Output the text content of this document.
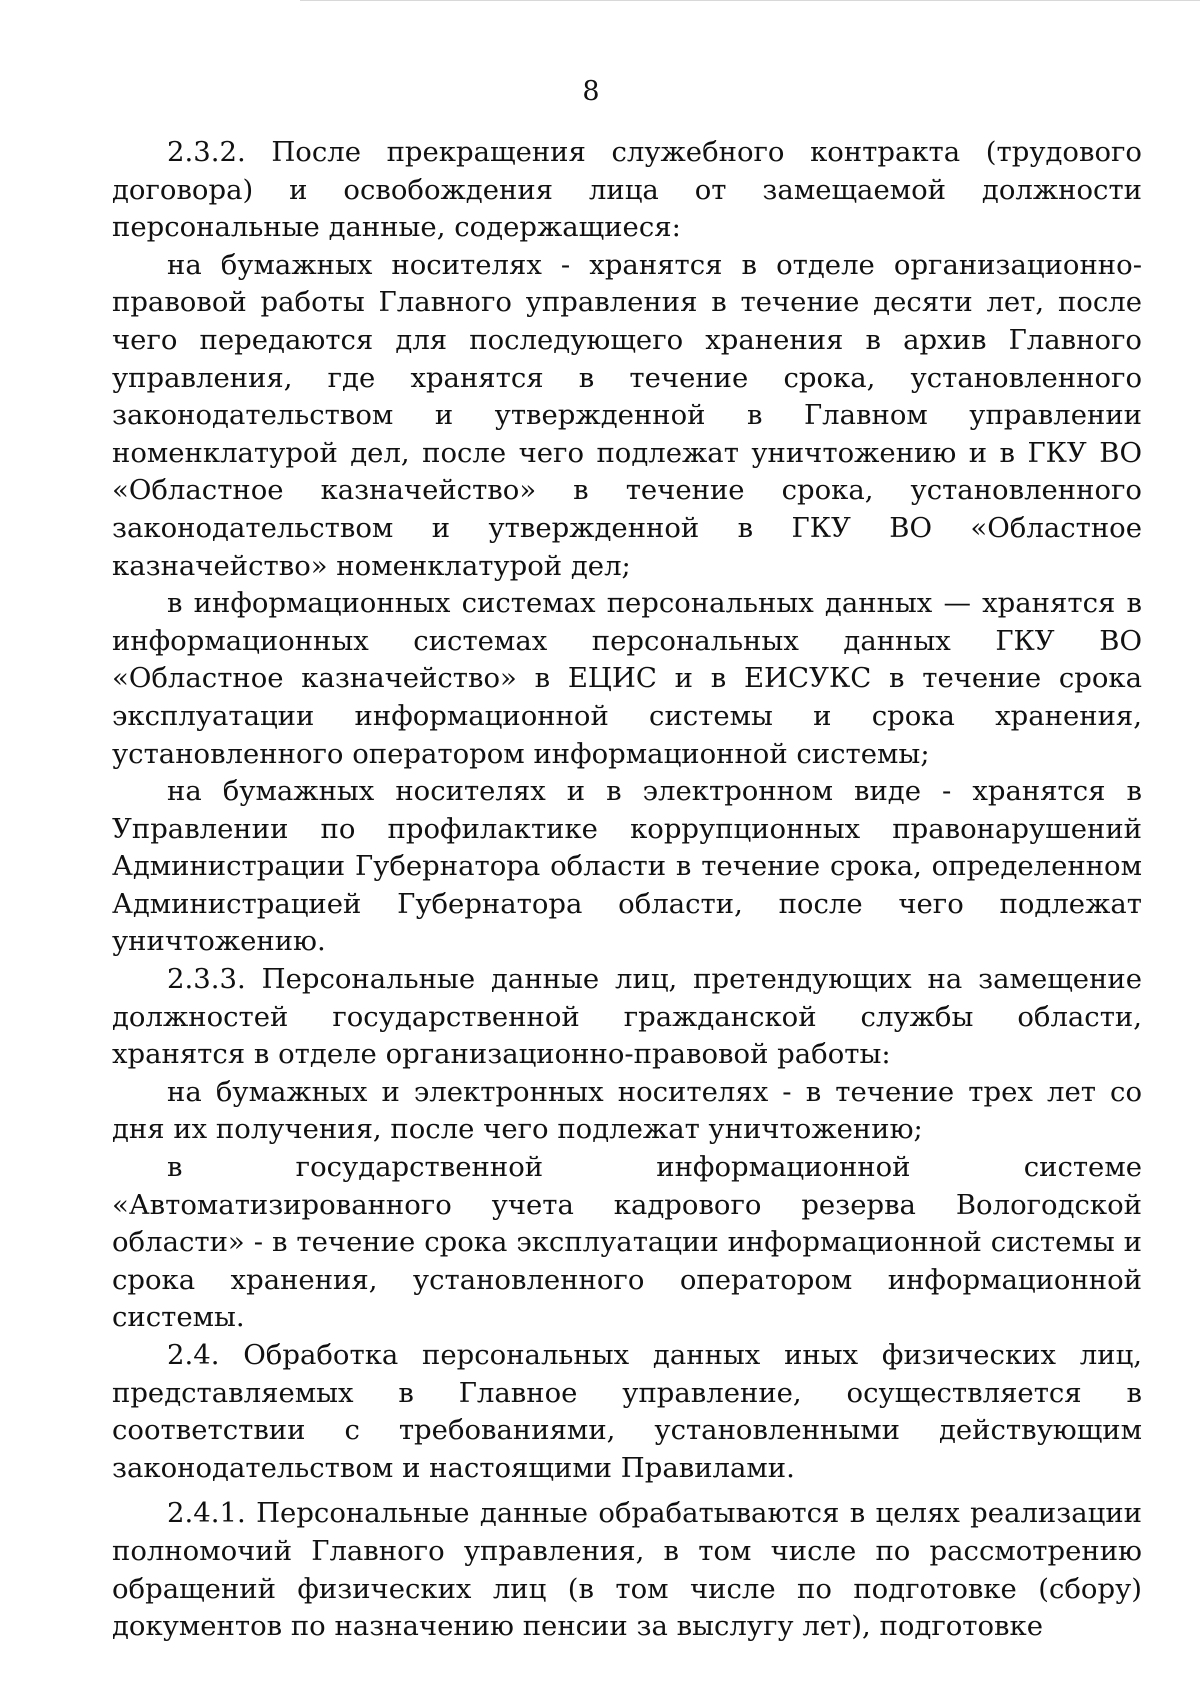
8

2.3.2. После прекращения служебного контракта (трудового договора) и освобождения лица от замещаемой должности персональные данные, содержащиеся:

на бумажных носителях - хранятся в отделе организационно-правовой работы Главного управления в течение десяти лет, после чего передаются для последующего хранения в архив Главного управления, где хранятся в течение срока, установленного законодательством и утвержденной в Главном управлении номенклатурой дел, после чего подлежат уничтожению и в ГКУ ВО «Областное казначейство» в течение срока, установленного законодательством и утвержденной в ГКУ ВО «Областное казначейство» номенклатурой дел;

в информационных системах персональных данных — хранятся в информационных системах персональных данных ГКУ ВО «Областное казначейство» в ЕЦИС и в ЕИСУКС в течение срока эксплуатации информационной системы и срока хранения, установленного оператором информационной системы;

на бумажных носителях и в электронном виде - хранятся в Управлении по профилактике коррупционных правонарушений Администрации Губернатора области в течение срока, определенном Администрацией Губернатора области, после чего подлежат уничтожению.

2.3.3. Персональные данные лиц, претендующих на замещение должностей государственной гражданской службы области, хранятся в отделе организационно-правовой работы:

на бумажных и электронных носителях - в течение трех лет со дня их получения, после чего подлежат уничтожению;

в государственной информационной системе «Автоматизированного учета кадрового резерва Вологодской области» - в течение срока эксплуатации информационной системы и срока хранения, установленного оператором информационной системы.

2.4. Обработка персональных данных иных физических лиц, представляемых в Главное управление, осуществляется в соответствии с требованиями, установленными действующим законодательством и настоящими Правилами.

2.4.1. Персональные данные обрабатываются в целях реализации полномочий Главного управления, в том числе по рассмотрению обращений физических лиц (в том числе по подготовке (сбору) документов по назначению пенсии за выслугу лет), подготовке
